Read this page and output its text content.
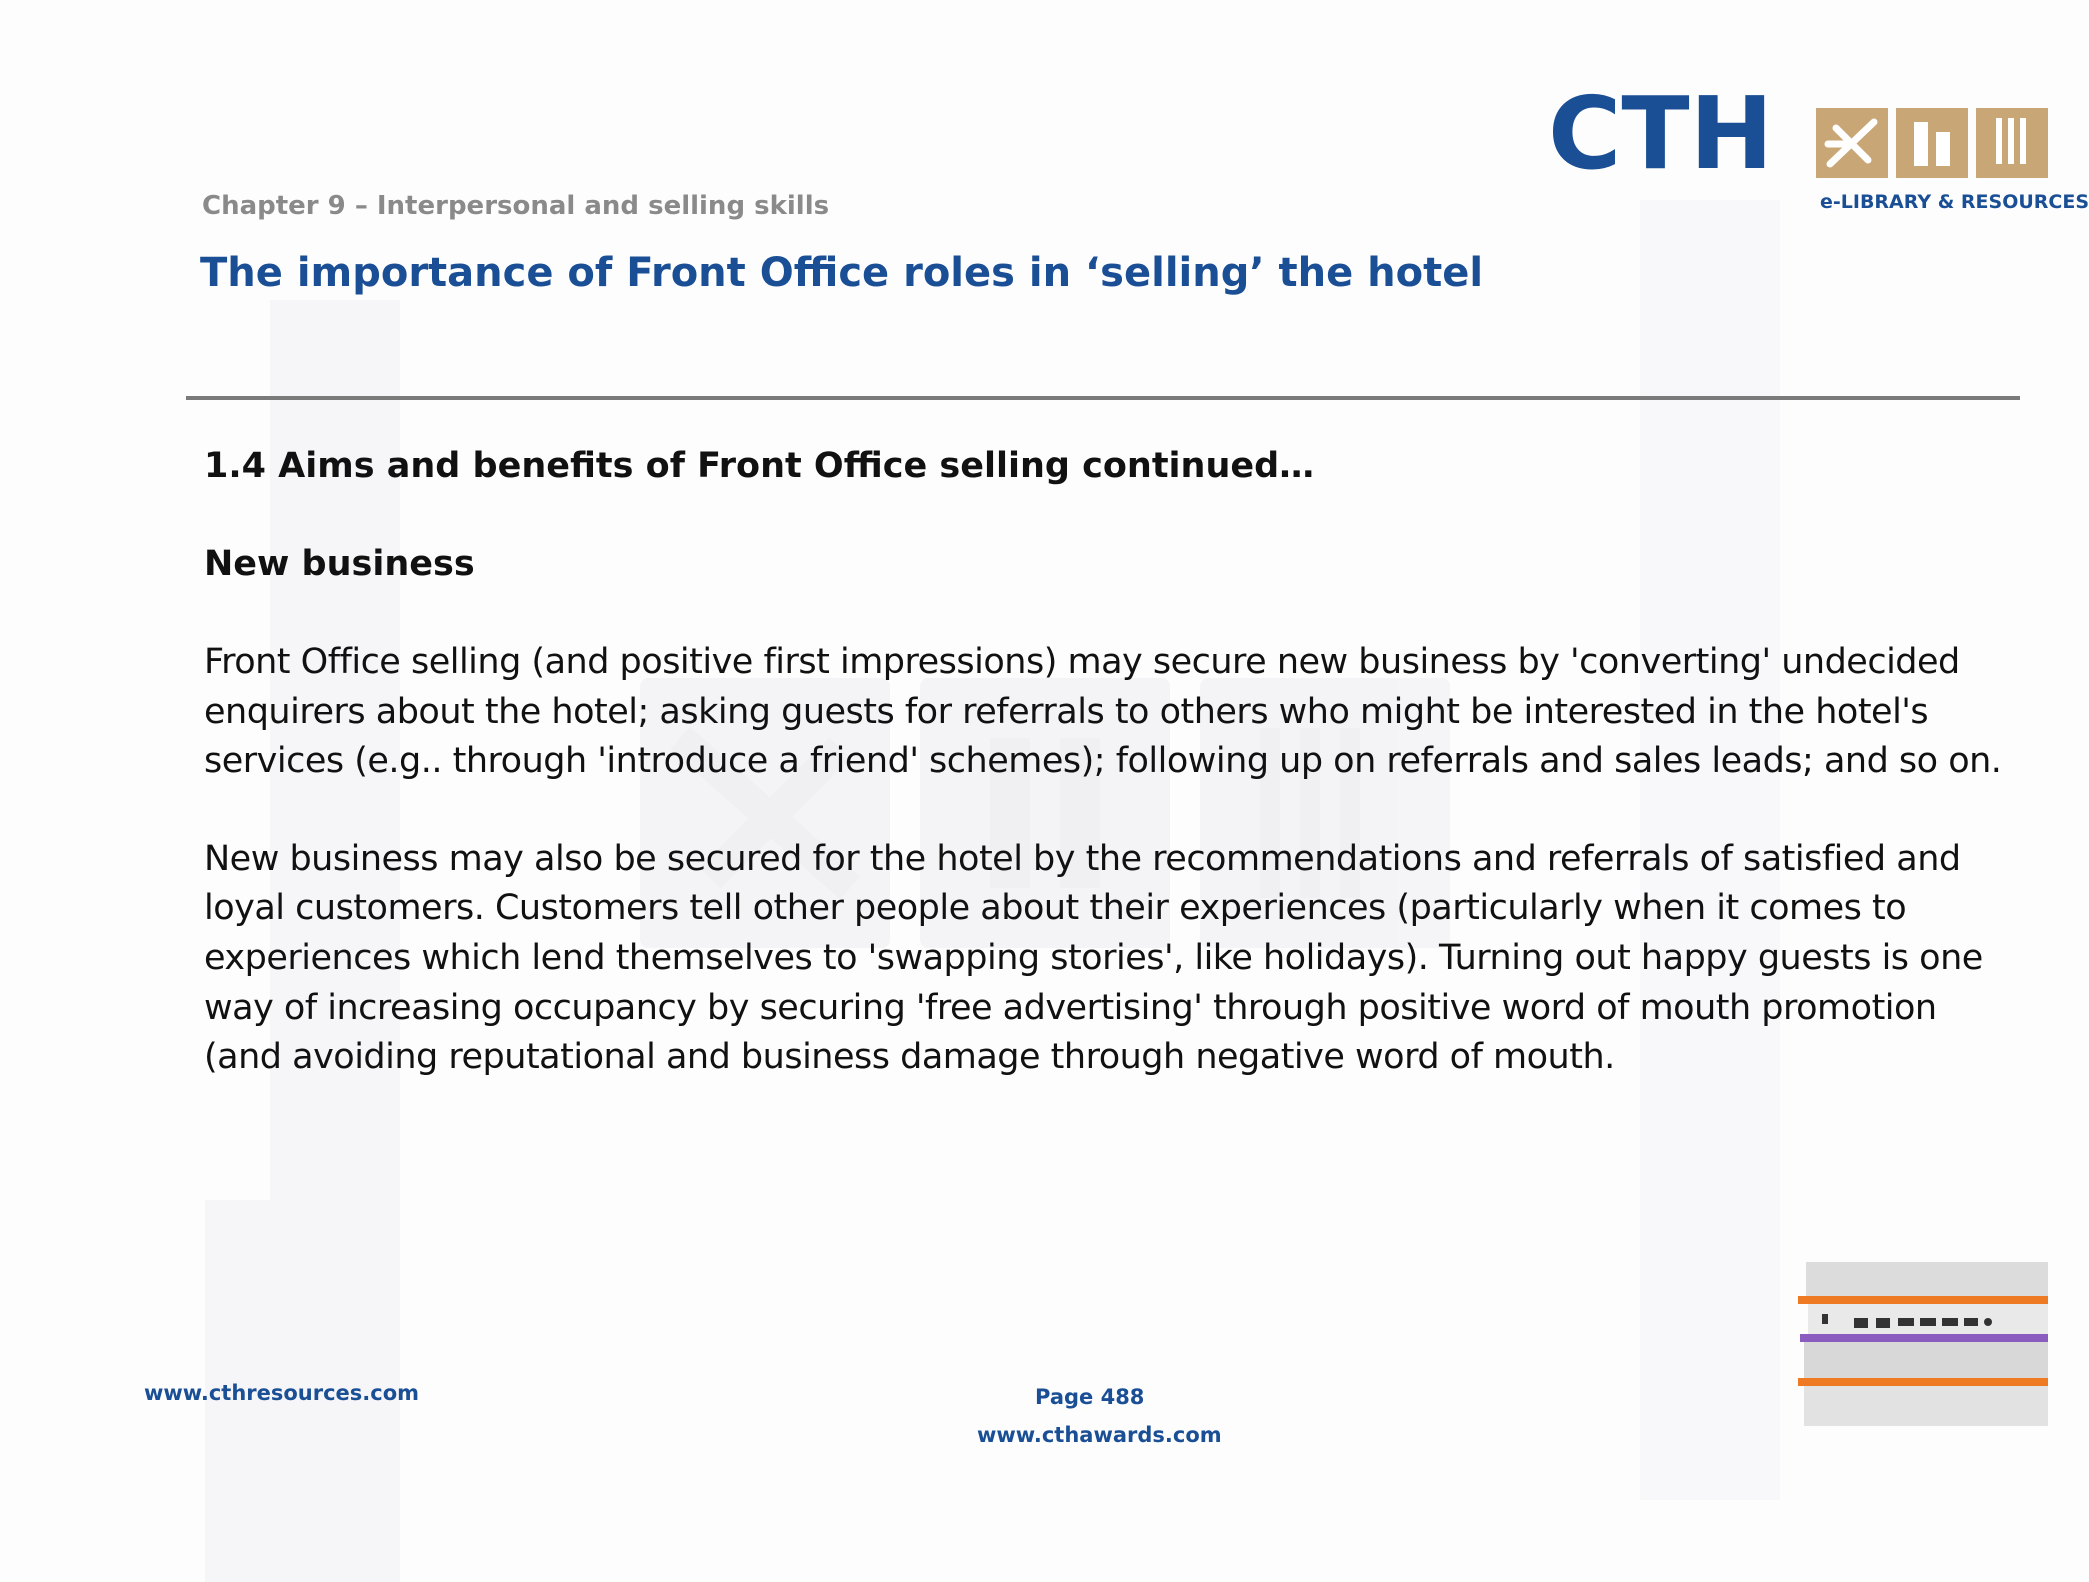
CTH
e-LIBRARY & RESOURCES
Chapter 9 – Interpersonal and selling skills
The importance of Front Office roles in ‘selling’ the hotel
1.4 Aims and benefits of Front Office selling continued…
New business

Front Office selling (and positive first impressions) may secure new business by 'converting' undecided enquirers about the hotel; asking guests for referrals to others who might be interested in the hotel's services (e.g.. through 'introduce a friend' schemes); following up on referrals and sales leads; and so on.

New business may also be secured for the hotel by the recommendations and referrals of satisfied and loyal customers. Customers tell other people about their experiences (particularly when it comes to experiences which lend themselves to 'swapping stories', like holidays). Turning out happy guests is one way of increasing occupancy by securing 'free advertising' through positive word of mouth promotion (and avoiding reputational and business damage through negative word of mouth.

www.cthresources.com	Page 488
www.cthawards.com
